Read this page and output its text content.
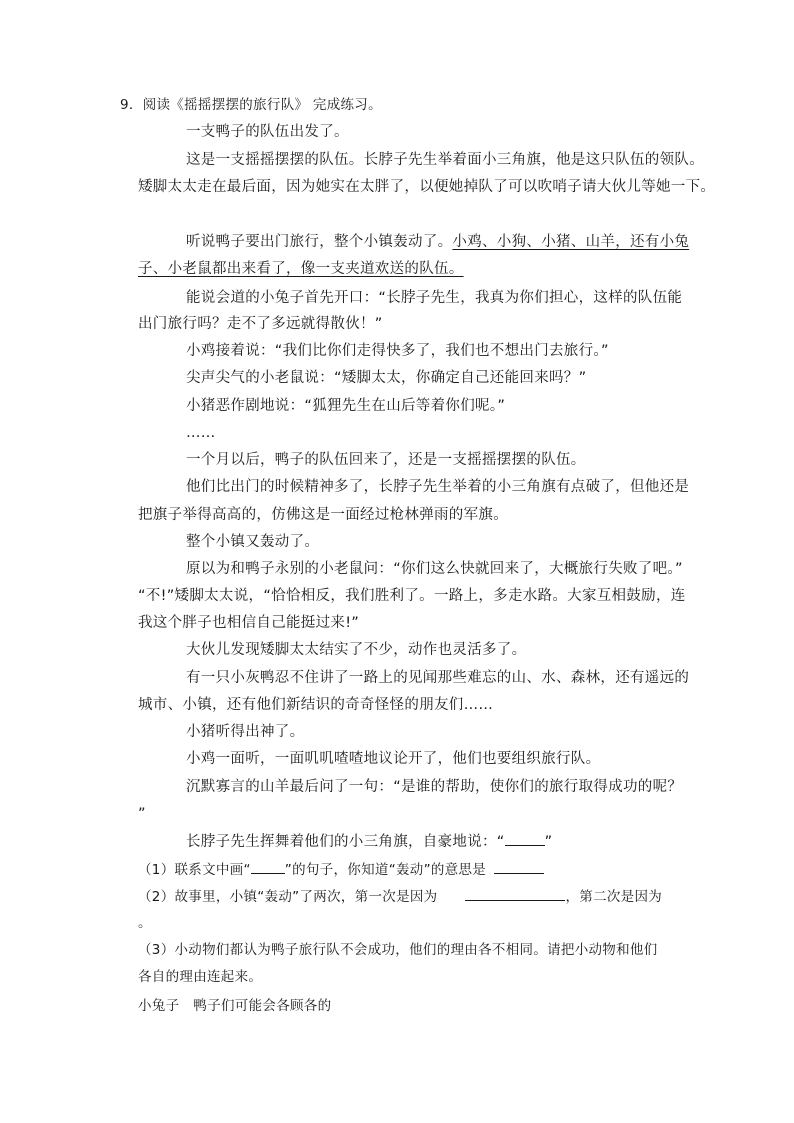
9．阅读《摇摇摆摆的旅行队》 完成练习。
一支鸭子的队伍出发了。
这是一支摇摇摆摆的队伍。长脖子先生举着面小三角旗，他是这只队伍的领队。
矮脚太太走在最后面，因为她实在太胖了，以便她掉队了可以吹哨子请大伙儿等她一下。
听说鸭子要出门旅行，整个小镇轰动了。小鸡、小狗、小猪、山羊，还有小兔
子、小老鼠都出来看了，像一支夹道欢送的队伍。
能说会道的小兔子首先开口：“长脖子先生，我真为你们担心，这样的队伍能
出门旅行吗？走不了多远就得散伙！”
小鸡接着说：“我们比你们走得快多了，我们也不想出门去旅行。”
尖声尖气的小老鼠说：“矮脚太太，你确定自己还能回来吗？”
小猪恶作剧地说：“狐狸先生在山后等着你们呢。”
……
一个月以后，鸭子的队伍回来了，还是一支摇摇摆摆的队伍。
他们比出门的时候精神多了，长脖子先生举着的小三角旗有点破了，但他还是
把旗子举得高高的，仿佛这是一面经过枪林弹雨的军旗。
整个小镇又轰动了。
原以为和鸭子永别的小老鼠问：“你们这么快就回来了，大概旅行失败了吧。”
“不!”矮脚太太说，“恰恰相反，我们胜利了。一路上，多走水路。大家互相鼓励，连
我这个胖子也相信自己能挺过来!”
大伙儿发现矮脚太太结实了不少，动作也灵活多了。
有一只小灰鸭忍不住讲了一路上的见闻那些难忘的山、水、森林，还有遥远的
城市、小镇，还有他们新结识的奇奇怪怪的朋友们……
小猪听得出神了。
小鸡一面听，一面叽叽喳喳地议论开了，他们也要组织旅行队。
沉默寡言的山羊最后问了一句：“是谁的帮助，使你们的旅行取得成功的呢？
”
长脖子先生挥舞着他们的小三角旗，自豪地说：“	”
（1）联系文中画“	”的句子，你知道“轰动”的意思是
（2）故事里，小镇“轰动”了两次，第一次是因为	，第二次是因为
。
（3）小动物们都认为鸭子旅行队不会成功，他们的理由各不相同。请把小动物和他们
各自的理由连起来。
小兔子 鸭子们可能会各顾各的
